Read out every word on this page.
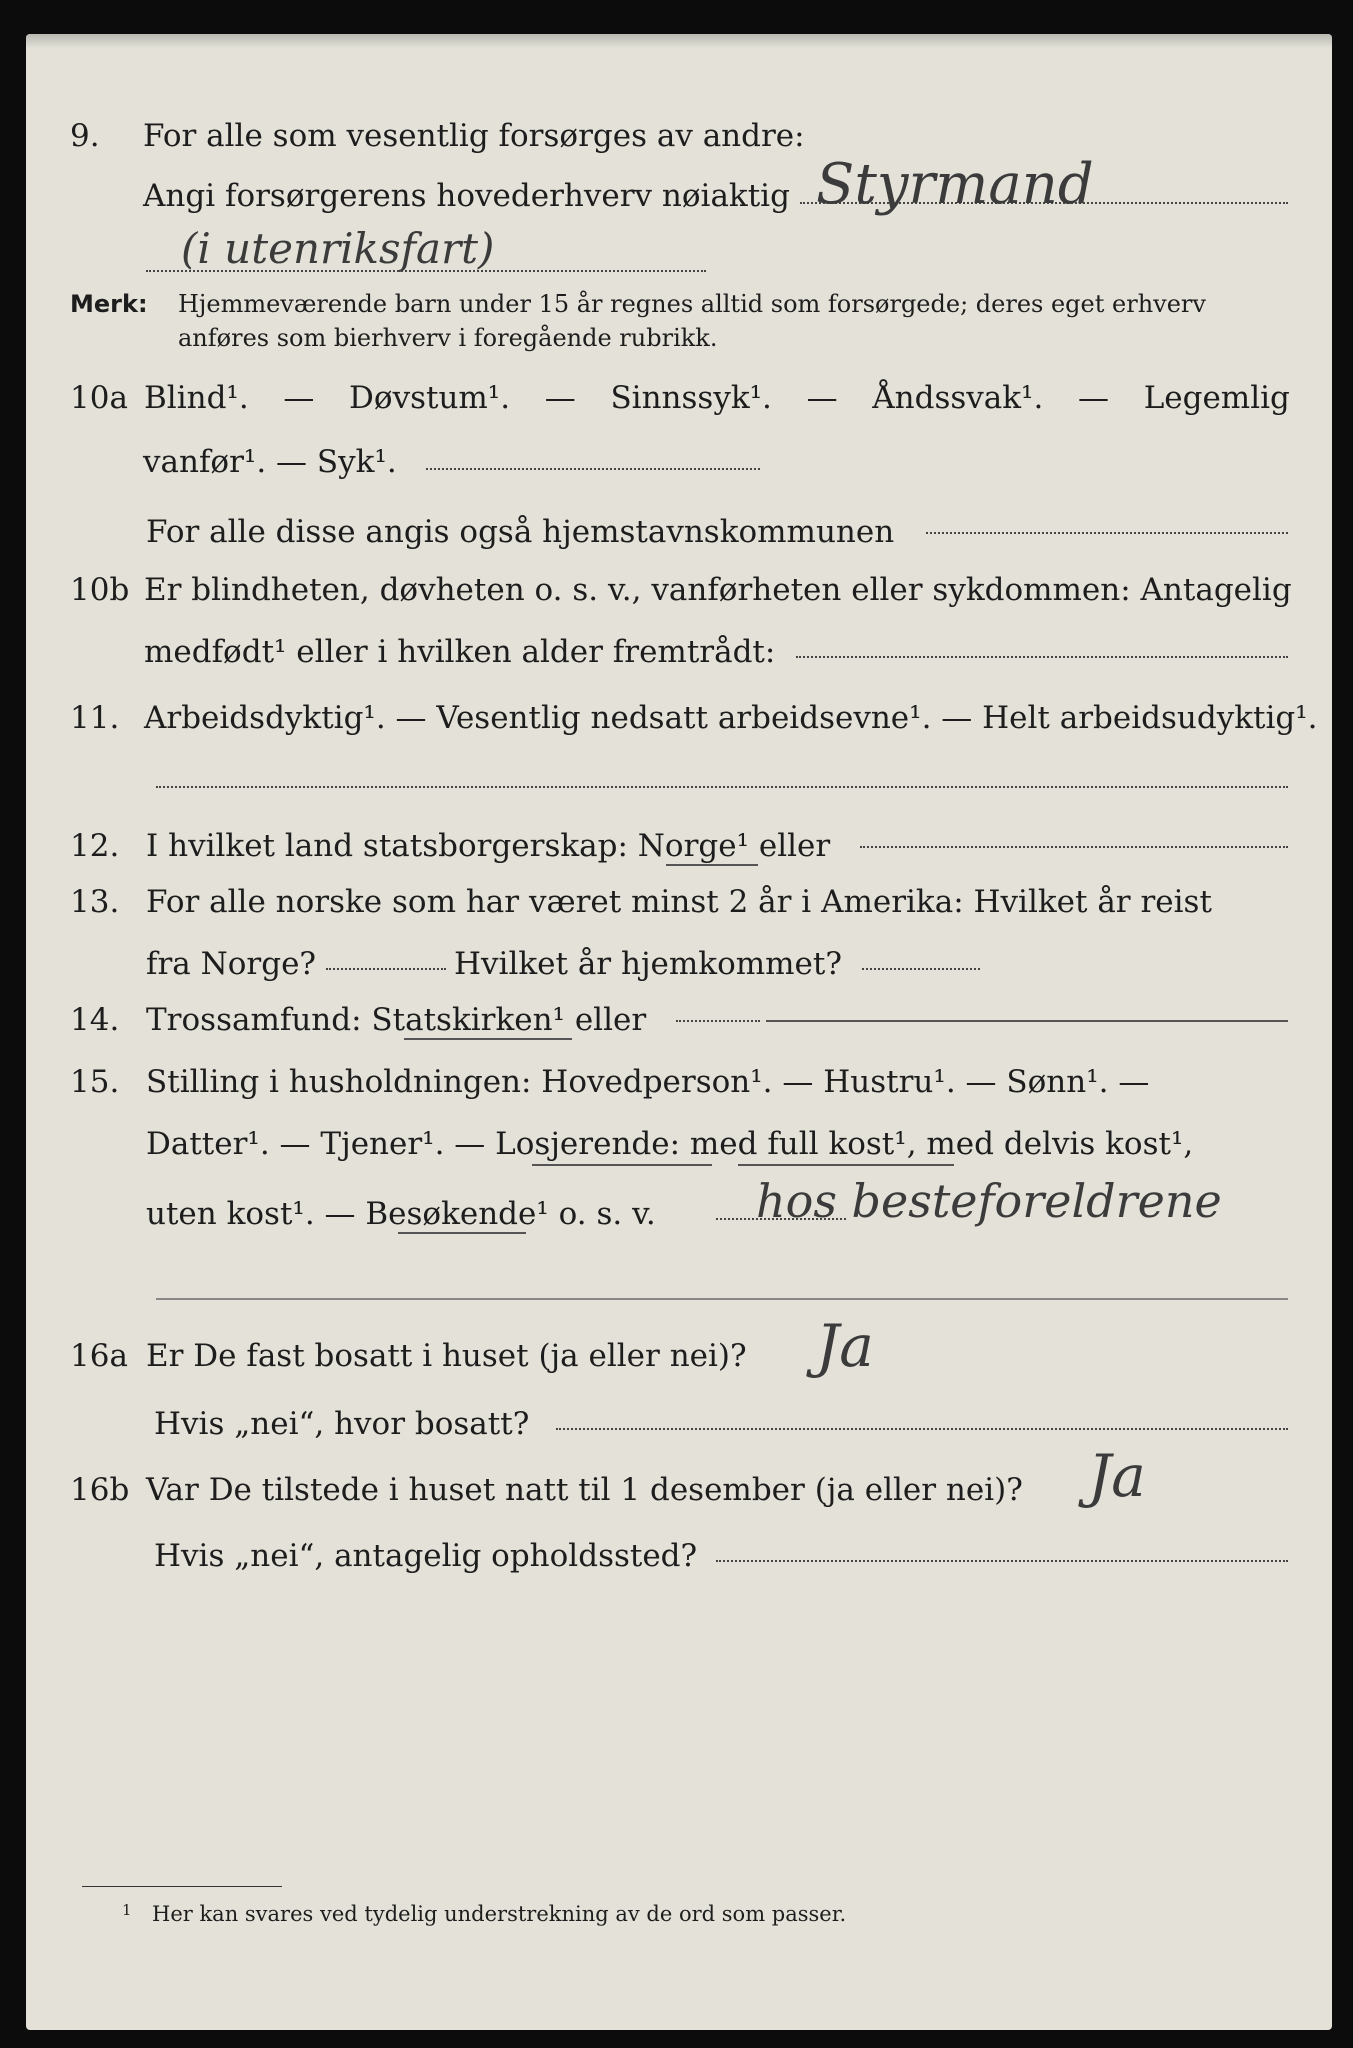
9. For alle som vesentlig forsørges av andre:
Angi forsørgerens hovederhverv nøiaktig Styrmand
(i utenriksfart)
Merk: Hjemmeværende barn under 15 år regnes alltid som forsørgede; deres eget erhverv
anføres som bierhverv i foregående rubrikk.
10a Blind¹. — Døvstum¹. — Sinnssyk¹. — Åndssvak¹. — Legemlig
vanfør¹. — Syk¹.
For alle disse angis også hjemstavnskommunen
10b Er blindheten, døvheten o. s. v., vanførheten eller sykdommen: Antagelig
medfødt¹ eller i hvilken alder fremtrådt:
11. Arbeidsdyktig¹. — Vesentlig nedsatt arbeidsevne¹. — Helt arbeidsudyktig¹.
12. I hvilket land statsborgerskap: Norge¹ eller
13. For alle norske som har været minst 2 år i Amerika: Hvilket år reist
fra Norge?	Hvilket år hjemkommet?
14. Trossamfund: Statskirken¹ eller
15. Stilling i husholdningen: Hovedperson¹. — Hustru¹. — Sønn¹. —
Datter¹. — Tjener¹. — Losjerende: med full kost¹, med delvis kost¹,
uten kost¹. — Besøkende¹ o. s. v. hos besteforeldrene
16a Er De fast bosatt i huset (ja eller nei)? Ja
Hvis „nei“, hvor bosatt?
16b Var De tilstede i huset natt til 1 desember (ja eller nei)? Ja
Hvis „nei“, antagelig opholdssted?
1 Her kan svares ved tydelig understrekning av de ord som passer.
